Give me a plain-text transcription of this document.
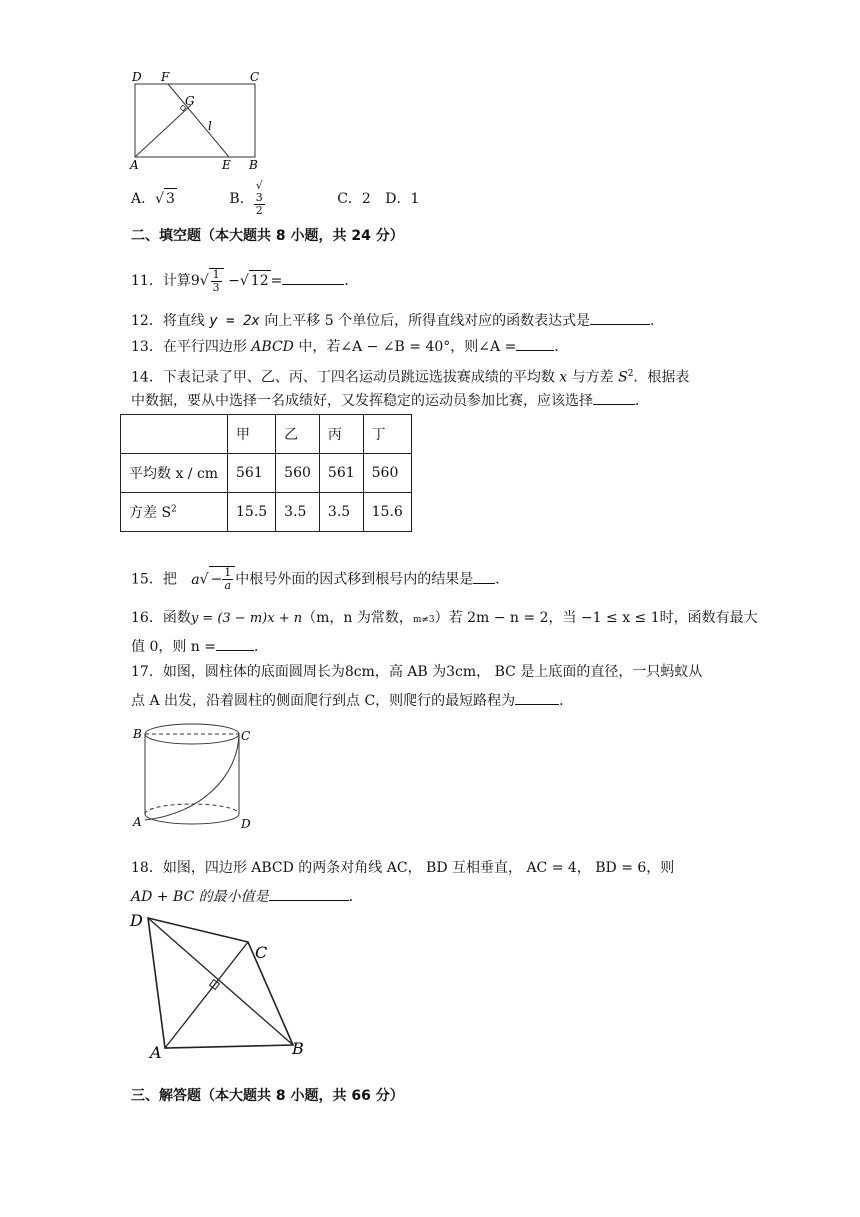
D F	C
G
l
A	E B
A．√ 3	B． √
3
2	C．2 D．1
二、填空题（本大题共 8 小题，共 24 分）
11．计算$9√ \frac{1}{3}$ −√ 12 =	．
12．将直线 y = 2x 向上平移 5 个单位后，所得直线对应的函数表达式是	．
13．在平行四边形 ABCD 中，若∠A − ∠B = 40°，则∠A =	．
14．下表记录了甲、乙、丙、丁四名运动员跳远选拔赛成绩的平均数 x 与方差 $S^2$．根据表
中数据，要从中选择一名成绩好，又发挥稳定的运动员参加比赛，应该选择	．
	甲	乙	丙	丁
平均数 x / cm	561	560	561	560
方差 $S^2$	15.5	3.5	3.5	15.6
15．把 $a√ - \frac{1}{a}$ 中根号外面的因式移到根号内的结果是 ．
16．函数y = (3 − m)x + n（m，n 为常数，m≠3）若 2m − n = 2，当 −1 ≤ x ≤ 1时，函数有最大
值 0，则 n =	．
17．如图，圆柱体的底面圆周长为8cm，高 AB 为3cm， BC 是上底面的直径，一只蚂蚁从
点 A 出发，沿着圆柱的侧面爬行到点 C，则爬行的最短路程为	．
B	C
A	D
18．如图，四边形 ABCD 的两条对角线 AC， BD 互相垂直， AC = 4， BD = 6，则
AD + BC 的最小值是	．
D
C
A	B
三、解答题（本大题共 8 小题，共 66 分）
